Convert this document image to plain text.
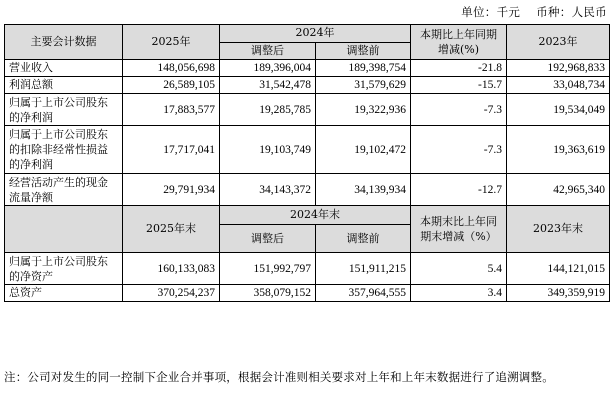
单位：千元 币种：人民币
主要会计数据	2025年	2024年		本期比上年同期增减(%)	2023年
		调整后	调整前		
营业收入	148,056,698	189,396,004	189,398,754	-21.8	192,968,833
利润总额	26,589,105	31,542,478	31,579,629	-15.7	33,048,734
归属于上市公司股东的净利润	17,883,577	19,285,785	19,322,936	-7.3	19,534,049
归属于上市公司股东的扣除非经常性损益的净利润	17,717,041	19,103,749	19,102,472	-7.3	19,363,619
经营活动产生的现金流量净额	29,791,934	34,143,372	34,139,934	-12.7	42,965,340
	2025年末	2024年末		本期末比上年同期末增减（%）	2023年末
		调整后	调整前		
归属于上市公司股东的净资产	160,133,083	151,992,797	151,911,215	5.4	144,121,015
总资产	370,254,237	358,079,152	357,964,555	3.4	349,359,919
注：公司对发生的同一控制下企业合并事项，根据会计准则相关要求对上年和上年末数据进行了追溯调整。
